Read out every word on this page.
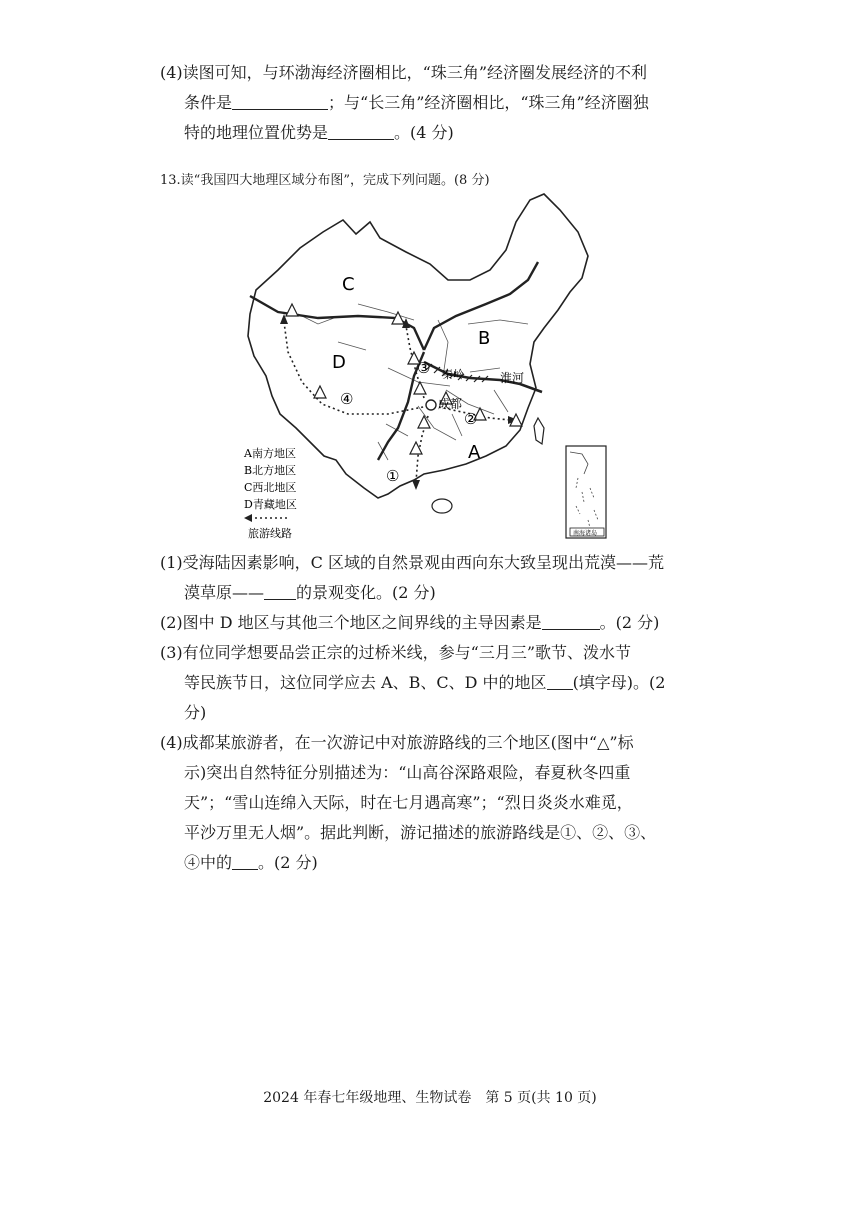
(4)读图可知，与环渤海经济圈相比，“珠三角”经济圈发展经济的不利
条件是	；与“长三角”经济圈相比，“珠三角”经济圈独
特的地理位置优势是	。(4 分)
13.读“我国四大地理区域分布图”，完成下列问题。(8 分)
C
B
D
A
秦岭	淮河
成都
①
②
③
④
A南方地区
B北方地区
C西北地区
D青藏地区
旅游线路	南海诸岛
(1)受海陆因素影响，C 区域的自然景观由西向东大致呈现出荒漠——荒
漠草原—— 的景观变化。(2 分)
(2)图中 D 地区与其他三个地区之间界线的主导因素是	。(2 分)
(3)有位同学想要品尝正宗的过桥米线，参与“三月三”歌节、泼水节
等民族节日，这位同学应去 A、B、C、D 中的地区 (填字母)。(2
分)
(4)成都某旅游者，在一次游记中对旅游路线的三个地区(图中“△”标
示)突出自然特征分别描述为：“山高谷深路艰险，春夏秋冬四重
天”；“雪山连绵入天际，时在七月遇高寒”；“烈日炎炎水难觅，
平沙万里无人烟”。据此判断，游记描述的旅游路线是①、②、③、
④中的 。(2 分)
2024 年春七年级地理、生物试卷　第 5 页(共 10 页)
